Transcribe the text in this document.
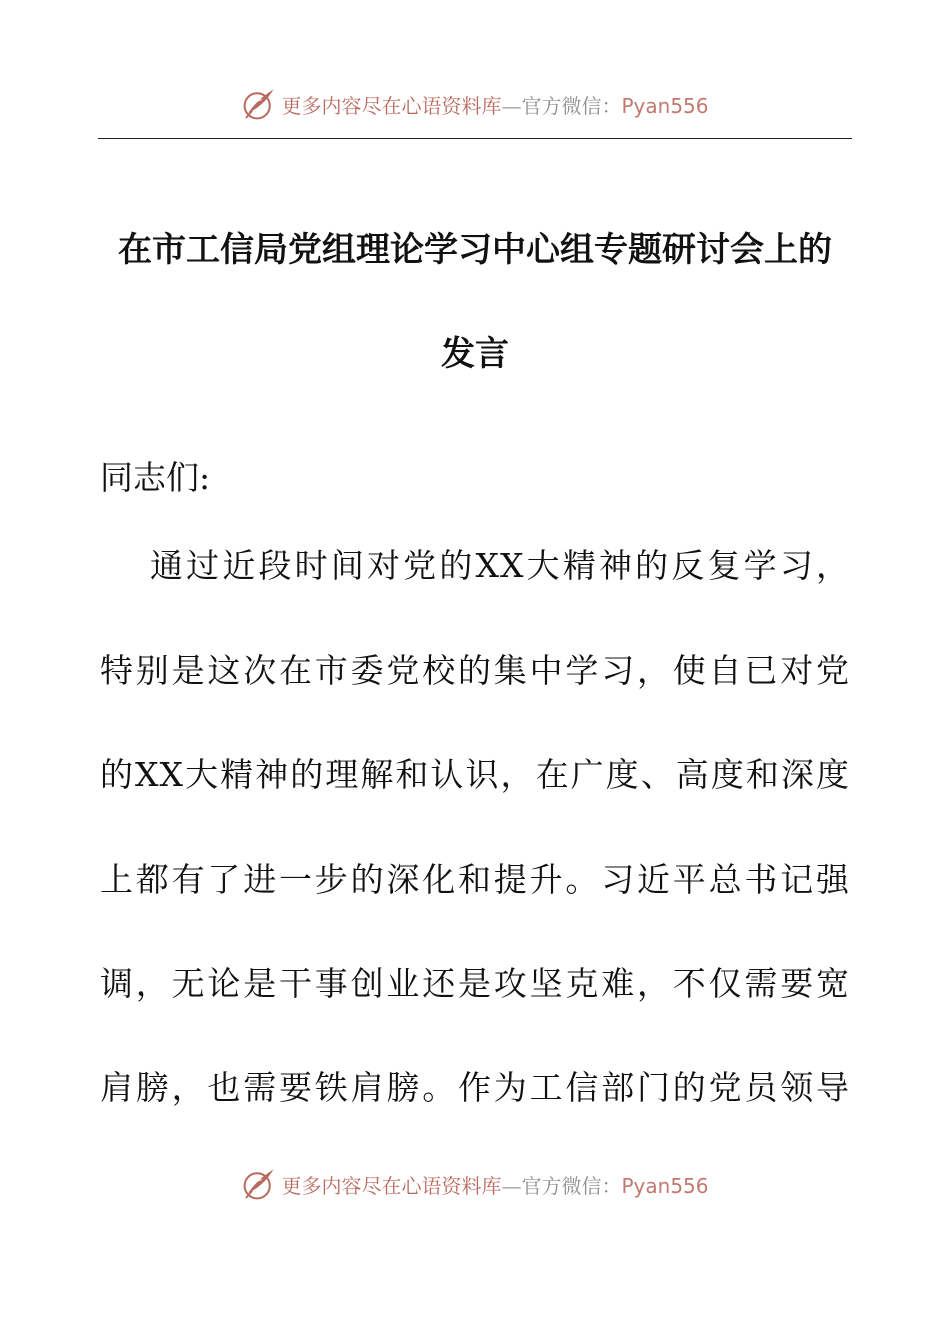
更多内容尽在心语资料库—官方微信：Pyan556
在市工信局党组理论学习中心组专题研讨会上的
发言
同志们:
通过近段时间对党的XX大精神的反复学习，
特别是这次在市委党校的集中学习，使自已对党
的XX大精神的理解和认识，在广度、高度和深度
上都有了进一步的深化和提升。习近平总书记强
调，无论是干事创业还是攻坚克难，不仅需要宽
肩膀，也需要铁肩膀。作为工信部门的党员领导
更多内容尽在心语资料库—官方微信：Pyan556
